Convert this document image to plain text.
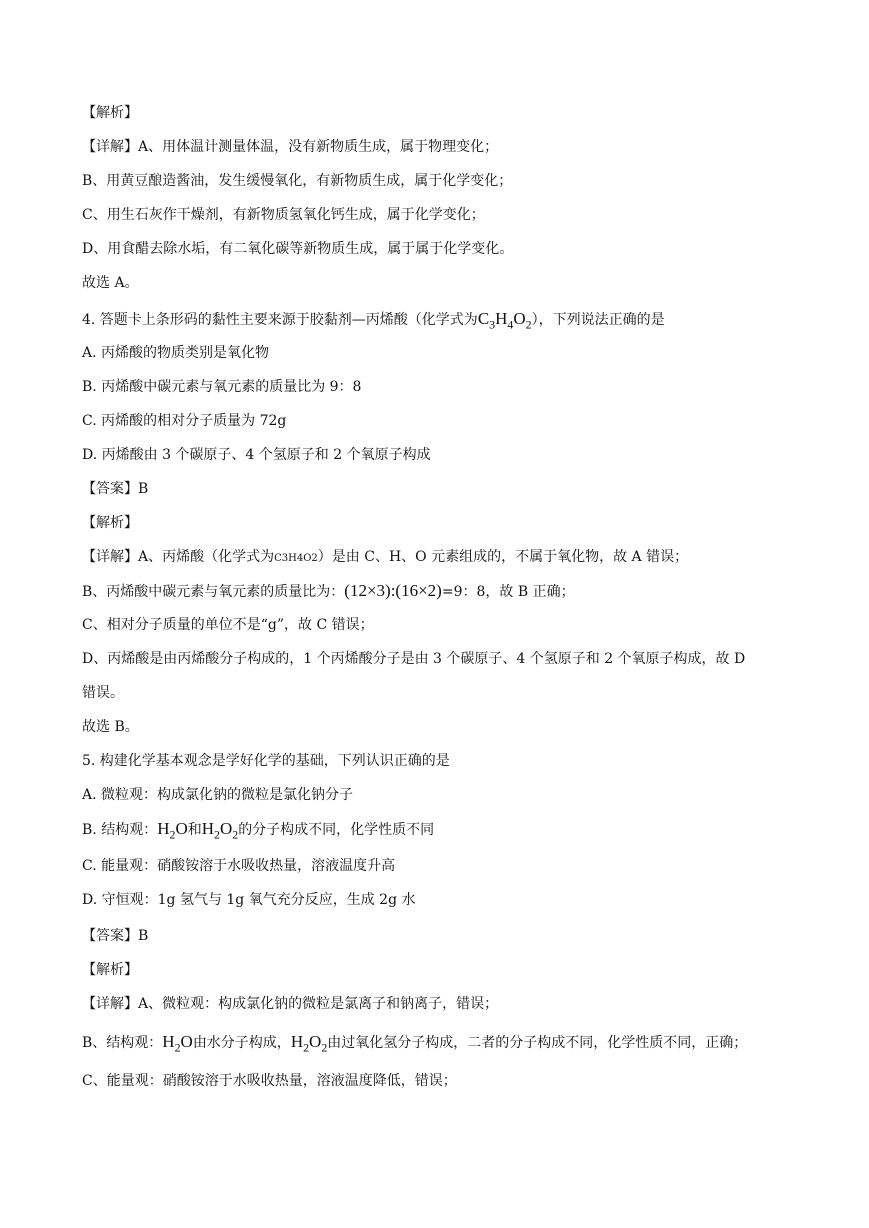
【解析】
【详解】A、用体温计测量体温，没有新物质生成，属于物理变化；
B、用黄豆酿造酱油，发生缓慢氧化，有新物质生成，属于化学变化；
C、用生石灰作干燥剂，有新物质氢氧化钙生成，属于化学变化；
D、用食醋去除水垢，有二氧化碳等新物质生成，属于属于化学变化。
故选 A。
4. 答题卡上条形码的黏性主要来源于胶黏剂—丙烯酸（化学式为$C_3H_4O_2$），下列说法正确的是
A. 丙烯酸的物质类别是氧化物
B. 丙烯酸中碳元素与氧元素的质量比为 9：8
C. 丙烯酸的相对分子质量为 72g
D. 丙烯酸由 3 个碳原子、4 个氢原子和 2 个氧原子构成
【答案】B
【解析】
【详解】A、丙烯酸（化学式为C3H4O2）是由 C、H、O 元素组成的，不属于氧化物，故 A 错误；
B、丙烯酸中碳元素与氧元素的质量比为：(12×3):(16×2)=9：8，故 B 正确；
C、相对分子质量的单位不是“g”，故 C 错误；
D、丙烯酸是由丙烯酸分子构成的，1 个丙烯酸分子是由 3 个碳原子、4 个氢原子和 2 个氧原子构成，故 D
错误。
故选 B。
5. 构建化学基本观念是学好化学的基础，下列认识正确的是
A. 微粒观：构成氯化钠的微粒是氯化钠分子
B. 结构观：$H_2O$和$H_2O_2$的分子构成不同，化学性质不同
C. 能量观：硝酸铵溶于水吸收热量，溶液温度升高
D. 守恒观：1g 氢气与 1g 氧气充分反应，生成 2g 水
【答案】B
【解析】
【详解】A、微粒观：构成氯化钠的微粒是氯离子和钠离子，错误；
B、结构观：$H_2O$由水分子构成，$H_2O_2$由过氧化氢分子构成，二者的分子构成不同，化学性质不同，正确；
C、能量观：硝酸铵溶于水吸收热量，溶液温度降低，错误；
